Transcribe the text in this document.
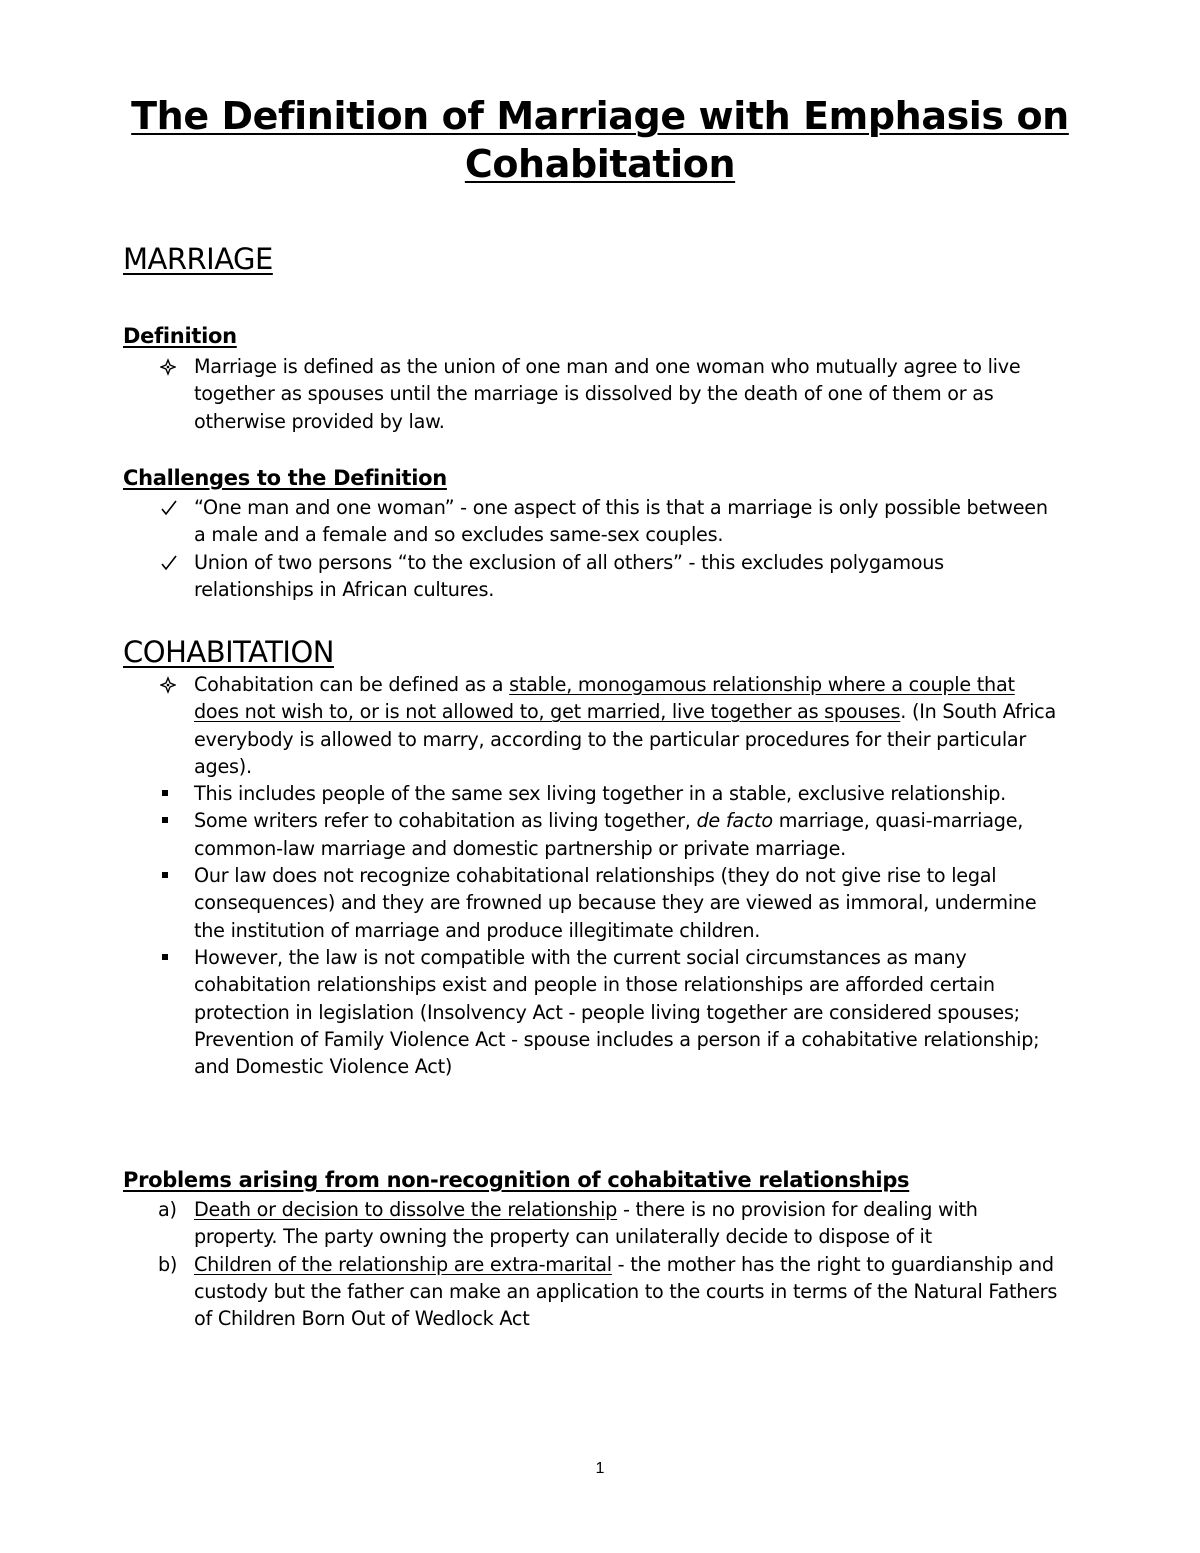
The Definition of Marriage with Emphasis on Cohabitation
MARRIAGE
Definition
Marriage is defined as the union of one man and one woman who mutually agree to live together as spouses until the marriage is dissolved by the death of one of them or as otherwise provided by law.
Challenges to the Definition
“One man and one woman” - one aspect of this is that a marriage is only possible between a male and a female and so excludes same-sex couples.
Union of two persons “to the exclusion of all others” - this excludes polygamous relationships in African cultures.
COHABITATION
Cohabitation can be defined as a stable, monogamous relationship where a couple that does not wish to, or is not allowed to, get married, live together as spouses. (In South Africa everybody is allowed to marry, according to the particular procedures for their particular ages).
This includes people of the same sex living together in a stable, exclusive relationship.
Some writers refer to cohabitation as living together, de facto marriage, quasi-marriage, common-law marriage and domestic partnership or private marriage.
Our law does not recognize cohabitational relationships (they do not give rise to legal consequences) and they are frowned up because they are viewed as immoral, undermine the institution of marriage and produce illegitimate children.
However, the law is not compatible with the current social circumstances as many cohabitation relationships exist and people in those relationships are afforded certain protection in legislation (Insolvency Act - people living together are considered spouses; Prevention of Family Violence Act - spouse includes a person if a cohabitative relationship; and Domestic Violence Act)
Problems arising from non-recognition of cohabitative relationships
a) Death or decision to dissolve the relationship - there is no provision for dealing with property. The party owning the property can unilaterally decide to dispose of it
b) Children of the relationship are extra-marital - the mother has the right to guardianship and custody but the father can make an application to the courts in terms of the Natural Fathers of Children Born Out of Wedlock Act
1
